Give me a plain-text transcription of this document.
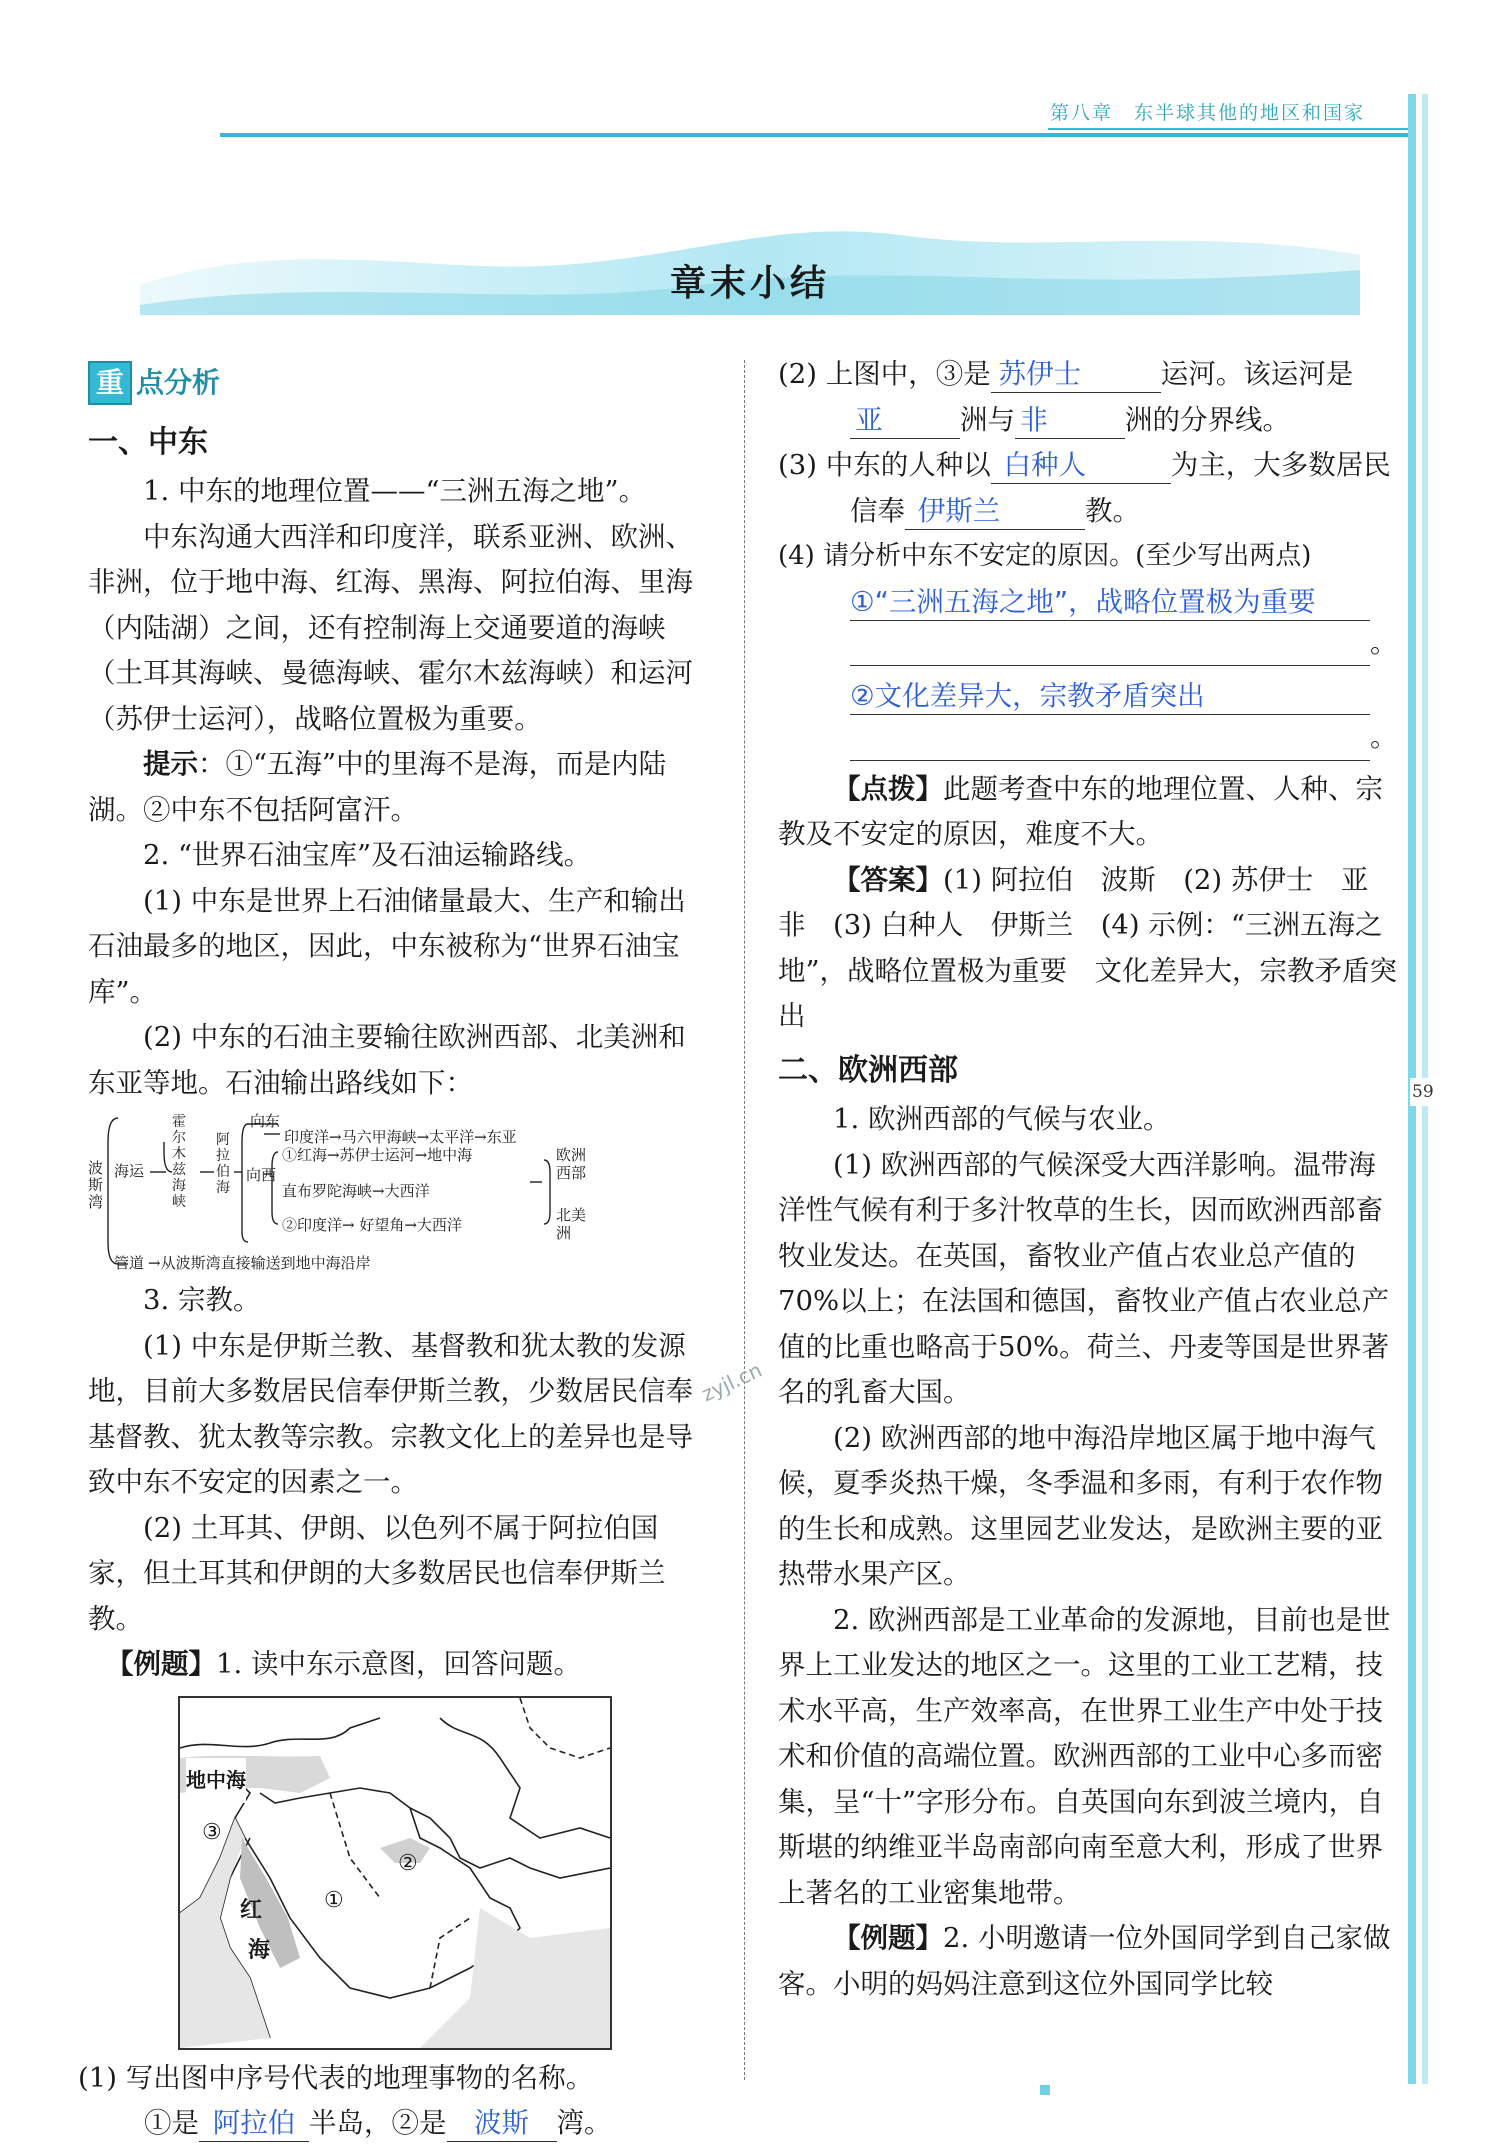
第八章　东半球其他的地区和国家
59
章末小结
重 点分析
一、中东

1. 中东的地理位置——“三洲五海之地”。

中东沟通大西洋和印度洋，联系亚洲、欧洲、非洲，位于地中海、红海、黑海、阿拉伯海、里海（内陆湖）之间，还有控制海上交通要道的海峡（土耳其海峡、曼德海峡、霍尔木兹海峡）和运河（苏伊士运河），战略位置极为重要。

提示：①“五海”中的里海不是海，而是内陆湖。②中东不包括阿富汗。

2. “世界石油宝库”及石油运输路线。

(1) 中东是世界上石油储量最大、生产和输出石油最多的地区，因此，中东被称为“世界石油宝库”。

(2) 中东的石油主要输往欧洲西部、北美洲和东亚等地。石油输出路线如下：

波斯湾
海运
霍尔木兹海峡
阿拉伯海
向东
印度洋→马六甲海峡→太平洋→东亚
向西
①红海→苏伊士运河→地中海
直布罗陀海峡→大西洋
②印度洋→ 好望角→大西洋
欧洲西部
北美洲
管道 →从波斯湾直接输送到地中海沿岸

3. 宗教。

(1) 中东是伊斯兰教、基督教和犹太教的发源地，目前大多数居民信奉伊斯兰教，少数居民信奉基督教、犹太教等宗教。宗教文化上的差异也是导致中东不安定的因素之一。

(2) 土耳其、伊朗、以色列不属于阿拉伯国家，但土耳其和伊朗的大多数居民也信奉伊斯兰教。

【例题】1. 读中东示意图，回答问题。

地中海
红
海
①
②
③

(1) 写出图中序号代表的地理事物的名称。

①是 阿拉伯 半岛，②是 波斯 湾。

(2) 上图中，③是 苏伊士	运河。该运河是亚	洲与 非	洲的分界线。

(3) 中东的人种以 白种人	为主，大多数居民信奉 伊斯兰	教。

(4) 请分析中东不安定的原因。(至少写出两点)

①“三洲五海之地”，战略位置极为重要
。
②文化差异大，宗教矛盾突出
。

【点拨】此题考查中东的地理位置、人种、宗教及不安定的原因，难度不大。

【答案】(1) 阿拉伯　波斯　(2) 苏伊士　亚　非　(3) 白种人　伊斯兰　(4) 示例：“三洲五海之地”，战略位置极为重要　文化差异大，宗教矛盾突出

二、欧洲西部

1. 欧洲西部的气候与农业。

(1) 欧洲西部的气候深受大西洋影响。温带海洋性气候有利于多汁牧草的生长，因而欧洲西部畜牧业发达。在英国，畜牧业产值占农业总产值的70%以上；在法国和德国，畜牧业产值占农业总产值的比重也略高于50%。荷兰、丹麦等国是世界著名的乳畜大国。

(2) 欧洲西部的地中海沿岸地区属于地中海气候，夏季炎热干燥，冬季温和多雨，有利于农作物的生长和成熟。这里园艺业发达，是欧洲主要的亚热带水果产区。

2. 欧洲西部是工业革命的发源地，目前也是世界上工业发达的地区之一。这里的工业工艺精，技术水平高，生产效率高，在世界工业生产中处于技术和价值的高端位置。欧洲西部的工业中心多而密集，呈“十”字形分布。自英国向东到波兰境内，自斯堪的纳维亚半岛南部向南至意大利，形成了世界上著名的工业密集地带。

【例题】2. 小明邀请一位外国同学到自己家做客。小明的妈妈注意到这位外国同学比较

zyjl.cn
